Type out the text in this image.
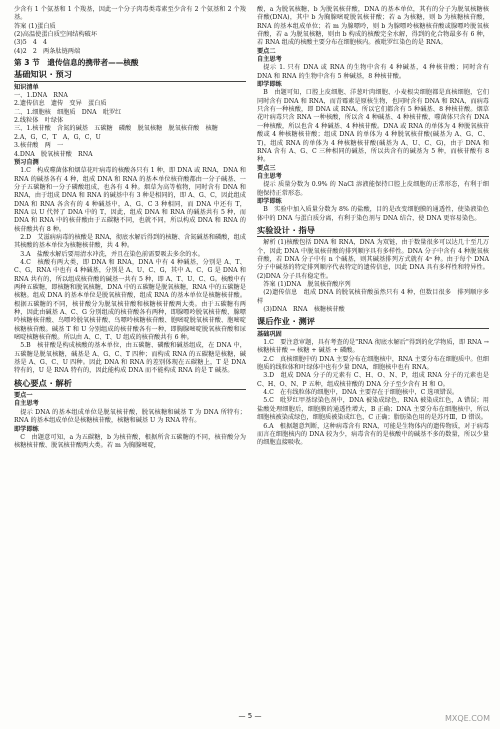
少含有 1 个氨基和 1 个羧基，因此一个分子肉毒类毒素至少含有 2 个氨基和 2 个羧基。

答案 (1)蛋白质

(2)高温使蛋白质空间结构破坏

(3)5　4　4

(4)2　2　两条肽链两端

第 3 节　遗传信息的携带者——核酸
基础知识 · 预习
知识清单

一、1.DNA　RNA

2.遗传信息　遗传　变异　蛋白质

二、1.细胞核　细胞质　DNA　吡罗红

2.线粒体　叶绿体

三、1.核苷酸　含氮的碱基　五碳糖　磷酸　脱氧核糖　脱氧核苷酸　核糖

2.A，G，C，T　A，G，C，U

3.核苷酸　两　一

4.DNA　脱氧核苷酸　RNA

预习自测

1.C　构成噬菌体和烟草花叶病毒的核酸各只有 1 种，即 DNA 或 RNA，DNA 和 RNA 的碱基各有 4 种，组成 DNA 和 RNA 的基本单位核苷酸都由一分子碱基、一分子五碳糖和一分子磷酸组成，也各有 4 种。烟草为高等植物，同时含有 DNA 和 RNA，由于组成 DNA 和 RNA 的碱基中有 3 种是相同的，即 A、G、C，因此组成 DNA 和 RNA 各含有的 4 种碱基中，A、G、C 3 种相同，而 DNA 中还有 T，RNA 以 U 代替了 DNA 中的 T，因此，组成 DNA 和 RNA 的碱基共有 5 种，而 DNA 和 RNA 中的核苷酸由于五碳糖不同，也就不同，所以构成 DNA 和 RNA 的核苷酸共有 8 种。

2.D　艾滋病病毒的核酸是 RNA，彻底水解后得到的核糖、含氮碱基和磷酸，组成其核酸的基本单位为核糖核苷酸，共 4 种。

3.A　盐酸水解后要用清水冲洗，并且在染色前需要吸去多余的水。

4.C　核酸有两大类，即 DNA 和 RNA，DNA 中有 4 种碱基，分别是 A、T、C、G，RNA 中也有 4 种碱基，分别是 A、U、C、G，其中 A、C、G 是 DNA 和 RNA 共有的，所以组成核苷酸的碱基一共有 5 种，即 A、T、U、C、G。核酸中有两种五碳糖，即核糖和脱氧核糖，DNA 中的五碳糖是脱氧核糖，RNA 中的五碳糖是核糖。组成 DNA 的基本单位是脱氧核苷酸，组成 RNA 的基本单位是核糖核苷酸。根据五碳糖的不同，核苷酸分为脱氧核苷酸和核糖核苷酸两大类。由于五碳糖有两种，因此由碱基 A、C、G 分别组成的核苷酸各有两种，即腺嘌呤脱氧核苷酸、腺嘌呤核糖核苷酸、鸟嘌呤脱氧核苷酸、鸟嘌呤核糖核苷酸、胞嘧啶脱氧核苷酸、胞嘧啶核糖核苷酸。碱基 T 和 U 分别组成的核苷酸各有一种，即胸腺嘧啶脱氧核苷酸和尿嘧啶核糖核苷酸。所以由 A、C、T、U 组成的核苷酸共有 6 种。

5.B　核苷酸是构成核酸的基本单位，由五碳糖、磷酸和碱基组成，在 DNA 中，五碳糖是脱氧核糖，碱基是 A、G、C、T 四种；而构成 RNA 的五碳糖是核糖，碱基是 A、G、C、U 四种。因此 DNA 和 RNA 的差别体现在五碳糖上，T 是 DNA 特有的，U 是 RNA 特有的，因此能构成 DNA 而不能构成 RNA 的是 T 碱基。

核心要点 · 解析
要点一
自主思考

提示 DNA 的基本组成单位是脱氧核苷酸，脱氧核糖和碱基 T 为 DNA 所特有；RNA 的基本组成单位是核糖核苷酸，核糖和碱基 U 为 RNA 特有。

即学即练

C　由题意可知，a 为五碳糖，b 为核苷酸，根据所含五碳糖的不同，核苷酸分为核糖核苷酸、脱氧核苷酸两大类。若 m 为胸腺嘧啶，

酸，a 为脱氧核糖，b 为脱氧核苷酸，DNA 的基本单位，其有的分子为脱氧核糖核苷酸(DNA)，其中 b 为胸腺嘧啶脱氧核苷酸；若 a 为核糖，则 b 为核糖核苷酸，RNA 的基本组成单位；若 m 为腺嘌呤，则 b 为腺嘌呤核糖核苷酸或腺嘌呤脱氧核苷酸，若 a 为脱氧核糖，则由 b 构成的核酸完全水解，得到的化合物最多有 6 种，若 RNA 组成的核酸主要分布在细胞核内。被吡罗红染色的是 RNA。

要点二
自主思考

提示 1. 只有 DNA 或 RNA 的生物中含有 4 种碱基，4 种核苷酸；同时含有 DNA 和 RNA 的生物中含有 5 种碱基，8 种核苷酸。

即学即练

B　由题可知，口腔上皮细胞、洋葱叶肉细胞、小麦根尖细胞都是真核细胞，它们同时含有 DNA 和 RNA，而青霉素是原核生物，也同时含有 DNA 和 RNA，而病毒只含有一种核酸，即 DNA 或 RNA。所以它们都含有 5 种碱基、8 种核苷酸。烟草花叶病毒只含 RNA 一种核酸，所以含 4 种碱基、4 种核苷酸，噬菌体只含有 DNA 一种核酸，所以也含 4 种碱基、4 种核苷酸。DNA 或 RNA 的单体为 4 种脱氧核苷酸或 4 种核糖核苷酸；组成 DNA 的单体为 4 种脱氧核苷酸(碱基为 A、G、C、T)，组成 RNA 的单体为 4 种核糖核苷酸(碱基为 A、U、C、G)，由于 DNA 和 RNA 含有 A、G、C 三种相同的碱基，所以共含有的碱基为 5 种，而核苷酸有 8 种。

要点三
自主思考

提示 质量分数为 0.9% 的 NaCl 溶液能保持口腔上皮细胞的正常形态，有利于细胞保持正常形态。

即学即练

B　实验中加入质量分数为 8% 的盐酸，目的是改变细胞膜的通透性，使染液染色体中的 DNA 与蛋白质分离，有利于染色剂与 DNA 结合，使 DNA 更容易染色。

实验设计 · 指导

解析 (1)核酸包括 DNA 和 RNA，DNA 为双链，由于数量很多可以达几十至几万个，因此 DNA 中脱氧核苷酸的排列顺序具有多样性。DNA 分子中含有 4 种脱氧核苷酸，若 DNA 分子中有 n 个碱基，则其碱基排列方式就有 4ⁿ 种。由于每个 DNA 分子中碱基的特定排列顺序代表特定的遗传信息，因此 DNA 具有多样性和特异性。(2)DNA 分子具有稳定性。

答案 (1)DNA　脱氧核苷酸序列

(2)遗传信息　组成 DNA 的脱氧核苷酸虽然只有 4 种，但数目很多　排列顺序多样

(3)DNA　RNA　核糖核苷酸

课后作业 · 测评
基础巩固

1.C　要注意审题，具有考查的是"RNA 彻底水解后"得到的化学物质，即 RNA → 核糖核苷酸 → 核糖 + 碱基 + 磷酸。

2.C　真核细胞中的 DNA 主要分布在细胞核中，RNA 主要分布在细胞质中。但细胞质的线粒体和叶绿体中也有少量 DNA，细胞核中也有 RNA。

3.D　组成 DNA 分子的元素有 C、H、O、N、P，组成 RNA 分子的元素也是 C、H、O、N、P 五种，组成核苷酸的 DNA 分子至少含有 H 和 O。

4.C　在有线粒体的细胞中，DNA 主要存在于细胞核中，C 选项错误。

5.C　吡罗红甲基绿染色剂中，DNA 被染成绿色，RNA 被染成红色，A 错误；用盐酸处理细胞后，细胞膜的通透性增大，B 正确；DNA 主要分布在细胞核中，所以细胞核被染成绿色，细胞质被染成红色，C 正确；脂肪染色用的是苏丹Ⅲ，D 错误。

6.A　根据题意判断，这种病毒含有 RNA，可能是生物体内的遗传物质，对于病毒而言在细胞核内的 DNA 较为少，病毒含有的是核酸中的碱基不多的数量，所以少量的细胞直接吸收。

— 5 —	MXQE.COM
